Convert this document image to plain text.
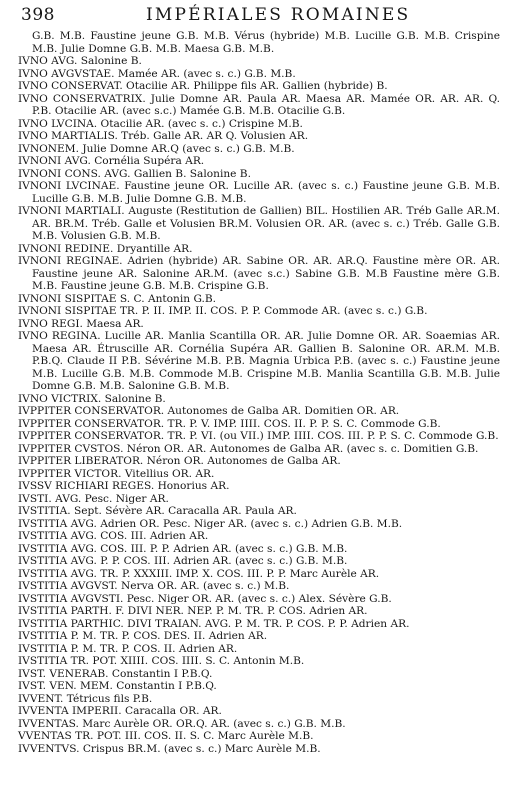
398	IMPÉRIALES ROMAINES

G.B. M.B. Faustine jeune G.B. M.B. Vérus (hybride) M.B. Lucille G.B. M.B. Crispine M.B. Julie Domne G.B. M.B. Maesa G.B. M.B.

IVNO AVG. Salonine B.

IVNO AVGVSTAE. Mamée AR. (avec s. c.) G.B. M.B.

IVNO CONSERVAT. Otacilie AR. Philippe fils AR. Gallien (hybride) B.

IVNO CONSERVATRIX. Julie Domne AR. Paula AR. Maesa AR. Mamée OR. AR. AR. Q. P.B. Otacilie AR. (avec s.c.) Mamée G.B. M.B. Otacilie G.B.

IVNO LVCINA. Otacilie AR. (avec s. c.) Crispine M.B.

IVNO MARTIALIS. Tréb. Galle AR. AR Q. Volusien AR.

IVNONEM. Julie Domne AR.Q (avec s. c.) G.B. M.B.

IVNONI AVG. Cornélia Supéra AR.

IVNONI CONS. AVG. Gallien B. Salonine B.

IVNONI LVCINAE. Faustine jeune OR. Lucille AR. (avec s. c.) Faustine jeune G.B. M.B. Lucille G.B. M.B. Julie Domne G.B. M.B.

IVNONI MARTIALI. Auguste (Restitution de Gallien) BIL. Hostilien AR. Tréb Galle AR.M. AR. BR.M. Tréb. Galle et Volusien BR.M. Volusien OR. AR. (avec s. c.) Tréb. Galle G.B. M.B. Volusien G.B. M.B.

IVNONI REDINE. Dryantille AR.

IVNONI REGINAE. Adrien (hybride) AR. Sabine OR. AR. AR.Q. Faustine mère OR. AR. Faustine jeune AR. Salonine AR.M. (avec s.c.) Sabine G.B. M.B Faustine mère G.B. M.B. Faustine jeune G.B. M.B. Crispine G.B.

IVNONI SISPITAE S. C. Antonin G.B.

IVNONI SISPITAE TR. P. II. IMP. II. COS. P. P. Commode AR. (avec s. c.) G.B.

IVNO REGI. Maesa AR.

IVNO REGINA. Lucille AR. Manlia Scantilla OR. AR. Julie Domne OR. AR. Soaemias AR. Maesa AR. Étruscille AR. Cornélia Supéra AR. Gallien B. Salonine OR. AR.M. M.B. P.B.Q. Claude II P.B. Sévérine M.B. P.B. Magnia Urbica P.B. (avec s. c.) Faustine jeune M.B. Lucille G.B. M.B. Commode M.B. Crispine M.B. Manlia Scantilla G.B. M.B. Julie Domne G.B. M.B. Salonine G.B. M.B.

IVNO VICTRIX. Salonine B.

IVPPITER CONSERVATOR. Autonomes de Galba AR. Domitien OR. AR.

IVPPITER CONSERVATOR. TR. P. V. IMP. IIII. COS. II. P. P. S. C. Commode G.B.

IVPPITER CONSERVATOR. TR. P. VI. (ou VII.) IMP. IIII. COS. III. P. P. S. C. Commode G.B.

IVPPITER CVSTOS. Néron OR. AR. Autonomes de Galba AR. (avec s. c. Domitien G.B.

IVPPITER LIBERATOR. Néron OR. Autonomes de Galba AR.

IVPPITER VICTOR. Vitellius OR. AR.

IVSSV RICHIARI REGES. Honorius AR.

IVSTI. AVG. Pesc. Niger AR.

IVSTITIA. Sept. Sévère AR. Caracalla AR. Paula AR.

IVSTITIA AVG. Adrien OR. Pesc. Niger AR. (avec s. c.) Adrien G.B. M.B.

IVSTITIA AVG. COS. III. Adrien AR.

IVSTITIA AVG. COS. III. P. P. Adrien AR. (avec s. c.) G.B. M.B.

IVSTITIA AVG. P. P. COS. III. Adrien AR. (avec s. c.) G.B. M.B.

IVSTITIA AVG. TR. P. XXXIII. IMP. X. COS. III. P. P. Marc Aurèle AR.

IVSTITIA AVGVST. Nerva OR. AR. (avec s. c.) M.B.

IVSTITIA AVGVSTI. Pesc. Niger OR. AR. (avec s. c.) Alex. Sévère G.B.

IVSTITIA PARTH. F. DIVI NER. NEP. P. M. TR. P. COS. Adrien AR.

IVSTITIA PARTHIC. DIVI TRAIAN. AVG. P. M. TR. P. COS. P. P. Adrien AR.

IVSTITIA P. M. TR. P. COS. DES. II. Adrien AR.

IVSTITIA P. M. TR. P. COS. II. Adrien AR.

IVSTITIA TR. POT. XIIII. COS. IIII. S. C. Antonin M.B.

IVST. VENERAB. Constantin I P.B.Q.

IVST. VEN. MEM. Constantin I P.B.Q.

IVVENT. Tétricus fils P.B.

IVVENTA IMPERII. Caracalla OR. AR.

IVVENTAS. Marc Aurèle OR. OR.Q. AR. (avec s. c.) G.B. M.B.

VVENTAS TR. POT. III. COS. II. S. C. Marc Aurèle M.B.

IVVENTVS. Crispus BR.M. (avec s. c.) Marc Aurèle M.B.
